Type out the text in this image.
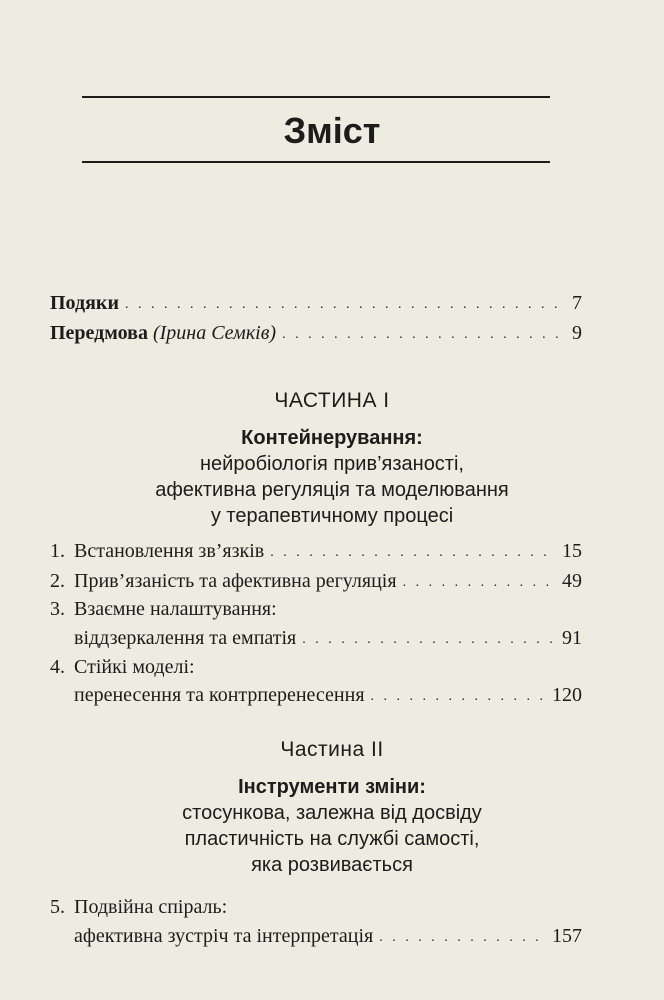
Зміст
Подяки . . .	7
Передмова (Ірина Семків) . . .	9
ЧАСТИНА I
Контейнерування:
нейробіологія прив’язаності,
афективна регуляція та моделювання
у терапевтичному процесі
1. Встановлення зв’язків . . .	15
2. Прив’язаність та афективна регуляція . . .	49
3. Взаємне налаштування:
віддзеркалення та емпатія . . .	91
4. Стійкі моделі:
перенесення та контрперенесення . . .	120
Частина II
Інструменти зміни:
стосункова, залежна від досвіду
пластичність на службі самості,
яка розвивається
5. Подвійна спіраль:
афективна зустріч та інтерпретація . . .	157
